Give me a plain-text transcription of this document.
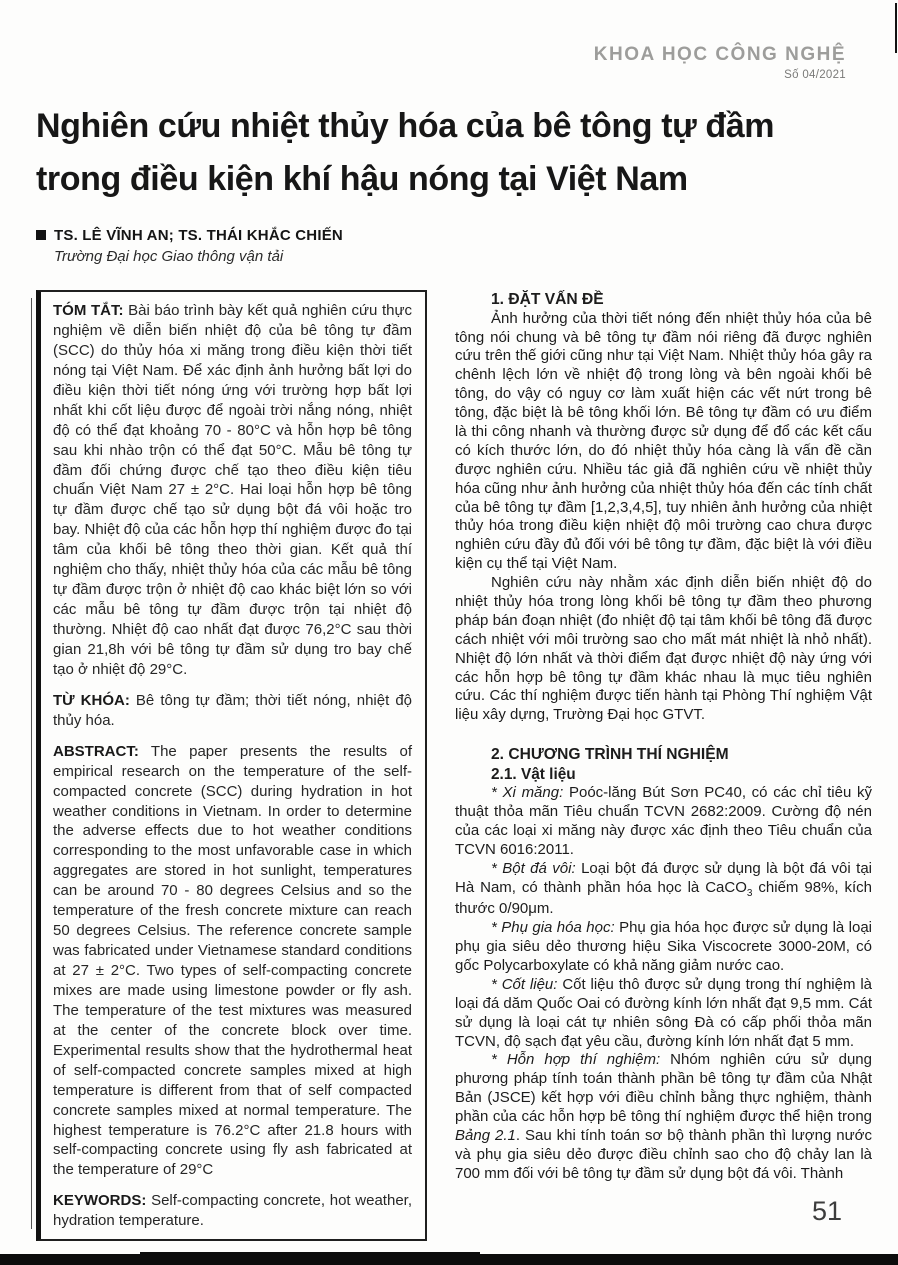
KHOA HỌC CÔNG NGHỆ
Số 04/2021
Nghiên cứu nhiệt thủy hóa của bê tông tự đầm
trong điều kiện khí hậu nóng tại Việt Nam
TS. LÊ VĨNH AN; TS. THÁI KHẮC CHIẾN
Trường Đại học Giao thông vận tải

TÓM TẮT: Bài báo trình bày kết quả nghiên cứu thực nghiệm về diễn biến nhiệt độ của bê tông tự đầm (SCC) do thủy hóa xi măng trong điều kiện thời tiết nóng tại Việt Nam. Để xác định ảnh hưởng bất lợi do điều kiện thời tiết nóng ứng với trường hợp bất lợi nhất khi cốt liệu được để ngoài trời nắng nóng, nhiệt độ có thể đạt khoảng 70 - 80°C và hỗn hợp bê tông sau khi nhào trộn có thể đạt 50°C. Mẫu bê tông tự đầm đối chứng được chế tạo theo điều kiện tiêu chuẩn Việt Nam 27 ± 2°C. Hai loại hỗn hợp bê tông tự đầm được chế tạo sử dụng bột đá vôi hoặc tro bay. Nhiệt độ của các hỗn hợp thí nghiệm được đo tại tâm của khối bê tông theo thời gian. Kết quả thí nghiệm cho thấy, nhiệt thủy hóa của các mẫu bê tông tự đầm được trộn ở nhiệt độ cao khác biệt lớn so với các mẫu bê tông tự đầm được trộn tại nhiệt độ thường. Nhiệt độ cao nhất đạt được 76,2°C sau thời gian 21,8h với bê tông tự đầm sử dụng tro bay chế tạo ở nhiệt độ 29°C.

TỪ KHÓA: Bê tông tự đầm; thời tiết nóng, nhiệt độ thủy hóa.

ABSTRACT: The paper presents the results of empirical research on the temperature of the self-compacted concrete (SCC) during hydration in hot weather conditions in Vietnam. In order to determine the adverse effects due to hot weather conditions corresponding to the most unfavorable case in which aggregates are stored in hot sunlight, temperatures can be around 70 - 80 degrees Celsius and so the temperature of the fresh concrete mixture can reach 50 degrees Celsius. The reference concrete sample was fabricated under Vietnamese standard conditions at 27 ± 2°C. Two types of self-compacting concrete mixes are made using limestone powder or fly ash. The temperature of the test mixtures was measured at the center of the concrete block over time. Experimental results show that the hydrothermal heat of self-compacted concrete samples mixed at high temperature is different from that of self compacted concrete samples mixed at normal temperature. The highest temperature is 76.2°C after 21.8 hours with self-compacting concrete using fly ash fabricated at the temperature of 29°C

KEYWORDS: Self-compacting concrete, hot weather, hydration temperature.

1. ĐẶT VẤN ĐỀ

Ảnh hưởng của thời tiết nóng đến nhiệt thủy hóa của bê tông nói chung và bê tông tự đầm nói riêng đã được nghiên cứu trên thế giới cũng như tại Việt Nam. Nhiệt thủy hóa gây ra chênh lệch lớn về nhiệt độ trong lòng và bên ngoài khối bê tông, do vậy có nguy cơ làm xuất hiện các vết nứt trong bê tông, đặc biệt là bê tông khối lớn. Bê tông tự đầm có ưu điểm là thi công nhanh và thường được sử dụng để đổ các kết cấu có kích thước lớn, do đó nhiệt thủy hóa càng là vấn đề cần được nghiên cứu. Nhiều tác giả đã nghiên cứu về nhiệt thủy hóa cũng như ảnh hưởng của nhiệt thủy hóa đến các tính chất của bê tông tự đầm [1,2,3,4,5], tuy nhiên ảnh hưởng của nhiệt thủy hóa trong điều kiện nhiệt độ môi trường cao chưa được nghiên cứu đầy đủ đối với bê tông tự đầm, đặc biệt là với điều kiện cụ thể tại Việt Nam.

Nghiên cứu này nhằm xác định diễn biến nhiệt độ do nhiệt thủy hóa trong lòng khối bê tông tự đầm theo phương pháp bán đoạn nhiệt (đo nhiệt độ tại tâm khối bê tông đã được cách nhiệt với môi trường sao cho mất mát nhiệt là nhỏ nhất). Nhiệt độ lớn nhất và thời điểm đạt được nhiệt độ này ứng với các hỗn hợp bê tông tự đầm khác nhau là mục tiêu nghiên cứu. Các thí nghiệm được tiến hành tại Phòng Thí nghiệm Vật liệu xây dựng, Trường Đại học GTVT.

2. CHƯƠNG TRÌNH THÍ NGHIỆM
2.1. Vật liệu

* Xi măng: Poóc-lăng Bút Sơn PC40, có các chỉ tiêu kỹ thuật thỏa mãn Tiêu chuẩn TCVN 2682:2009. Cường độ nén của các loại xi măng này được xác định theo Tiêu chuẩn của TCVN 6016:2011.

* Bột đá vôi: Loại bột đá được sử dụng là bột đá vôi tại Hà Nam, có thành phần hóa học là CaCO$_3$ chiếm 98%, kích thước 0/90μm.

* Phụ gia hóa học: Phụ gia hóa học được sử dụng là loại phụ gia siêu dẻo thương hiệu Sika Viscocrete 3000-20M, có gốc Polycarboxylate có khả năng giảm nước cao.

* Cốt liệu: Cốt liệu thô được sử dụng trong thí nghiệm là loại đá dăm Quốc Oai có đường kính lớn nhất đạt 9,5 mm. Cát sử dụng là loại cát tự nhiên sông Đà có cấp phối thỏa mãn TCVN, độ sạch đạt yêu cầu, đường kính lớn nhất đạt 5 mm.

* Hỗn hợp thí nghiệm: Nhóm nghiên cứu sử dụng phương pháp tính toán thành phần bê tông tự đầm của Nhật Bản (JSCE) kết hợp với điều chỉnh bằng thực nghiệm, thành phần của các hỗn hợp bê tông thí nghiệm được thể hiện trong Bảng 2.1. Sau khi tính toán sơ bộ thành phần thì lượng nước và phụ gia siêu dẻo được điều chỉnh sao cho độ chảy lan là 700 mm đối với bê tông tự đầm sử dụng bột đá vôi. Thành

51
